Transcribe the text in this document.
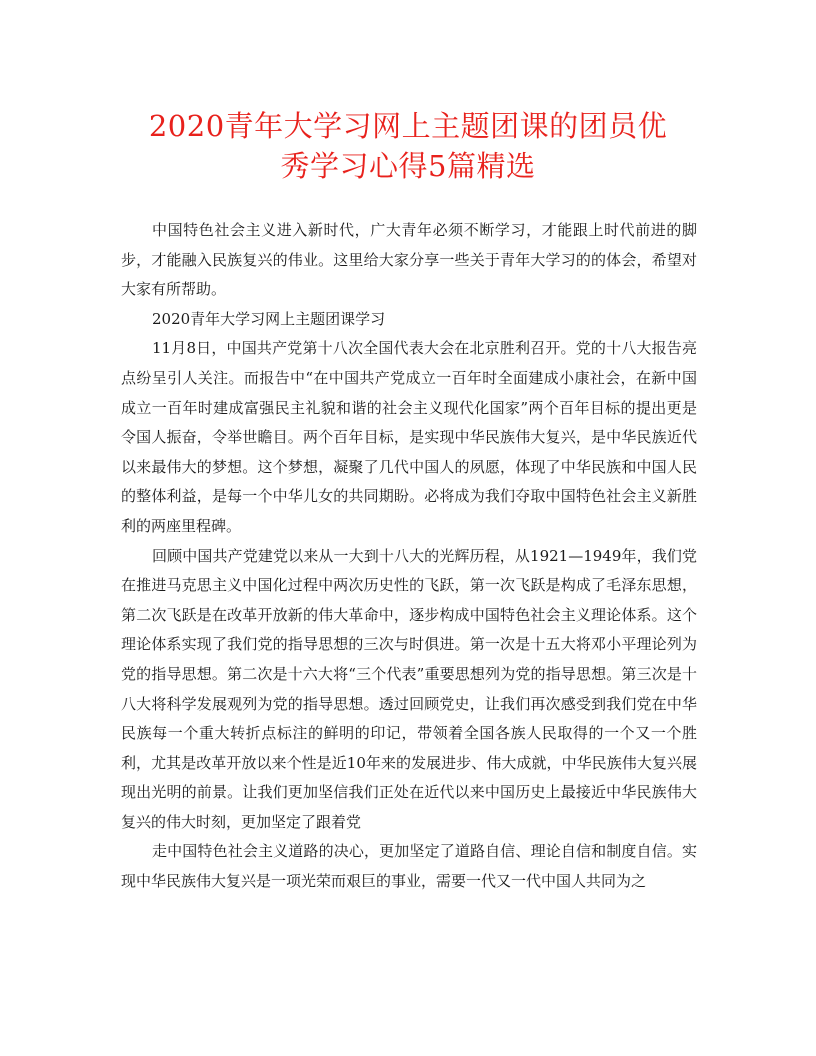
2020青年大学习网上主题团课的团员优
秀学习心得5篇精选

中国特色社会主义进入新时代，广大青年必须不断学习，才能跟上时代前进的脚步，才能融入民族复兴的伟业。这里给大家分享一些关于青年大学习的的体会，希望对大家有所帮助。

2020青年大学习网上主题团课学习

11月8日，中国共产党第十八次全国代表大会在北京胜利召开。党的十八大报告亮点纷呈引人关注。而报告中“在中国共产党成立一百年时全面建成小康社会，在新中国成立一百年时建成富强民主礼貌和谐的社会主义现代化国家”两个百年目标的提出更是令国人振奋，令举世瞻目。两个百年目标，是实现中华民族伟大复兴，是中华民族近代以来最伟大的梦想。这个梦想，凝聚了几代中国人的夙愿，体现了中华民族和中国人民的整体利益，是每一个中华儿女的共同期盼。必将成为我们夺取中国特色社会主义新胜利的两座里程碑。

回顾中国共产党建党以来从一大到十八大的光辉历程，从1921—1949年，我们党在推进马克思主义中国化过程中两次历史性的飞跃，第一次飞跃是构成了毛泽东思想，第二次飞跃是在改革开放新的伟大革命中，逐步构成中国特色社会主义理论体系。这个理论体系实现了我们党的指导思想的三次与时俱进。第一次是十五大将邓小平理论列为党的指导思想。第二次是十六大将“三个代表”重要思想列为党的指导思想。第三次是十八大将科学发展观列为党的指导思想。透过回顾党史，让我们再次感受到我们党在中华民族每一个重大转折点标注的鲜明的印记，带领着全国各族人民取得的一个又一个胜利，尤其是改革开放以来个性是近10年来的发展进步、伟大成就，中华民族伟大复兴展现出光明的前景。让我们更加坚信我们正处在近代以来中国历史上最接近中华民族伟大复兴的伟大时刻，更加坚定了跟着党

走中国特色社会主义道路的决心，更加坚定了道路自信、理论自信和制度自信。实现中华民族伟大复兴是一项光荣而艰巨的事业，需要一代又一代中国人共同为之
